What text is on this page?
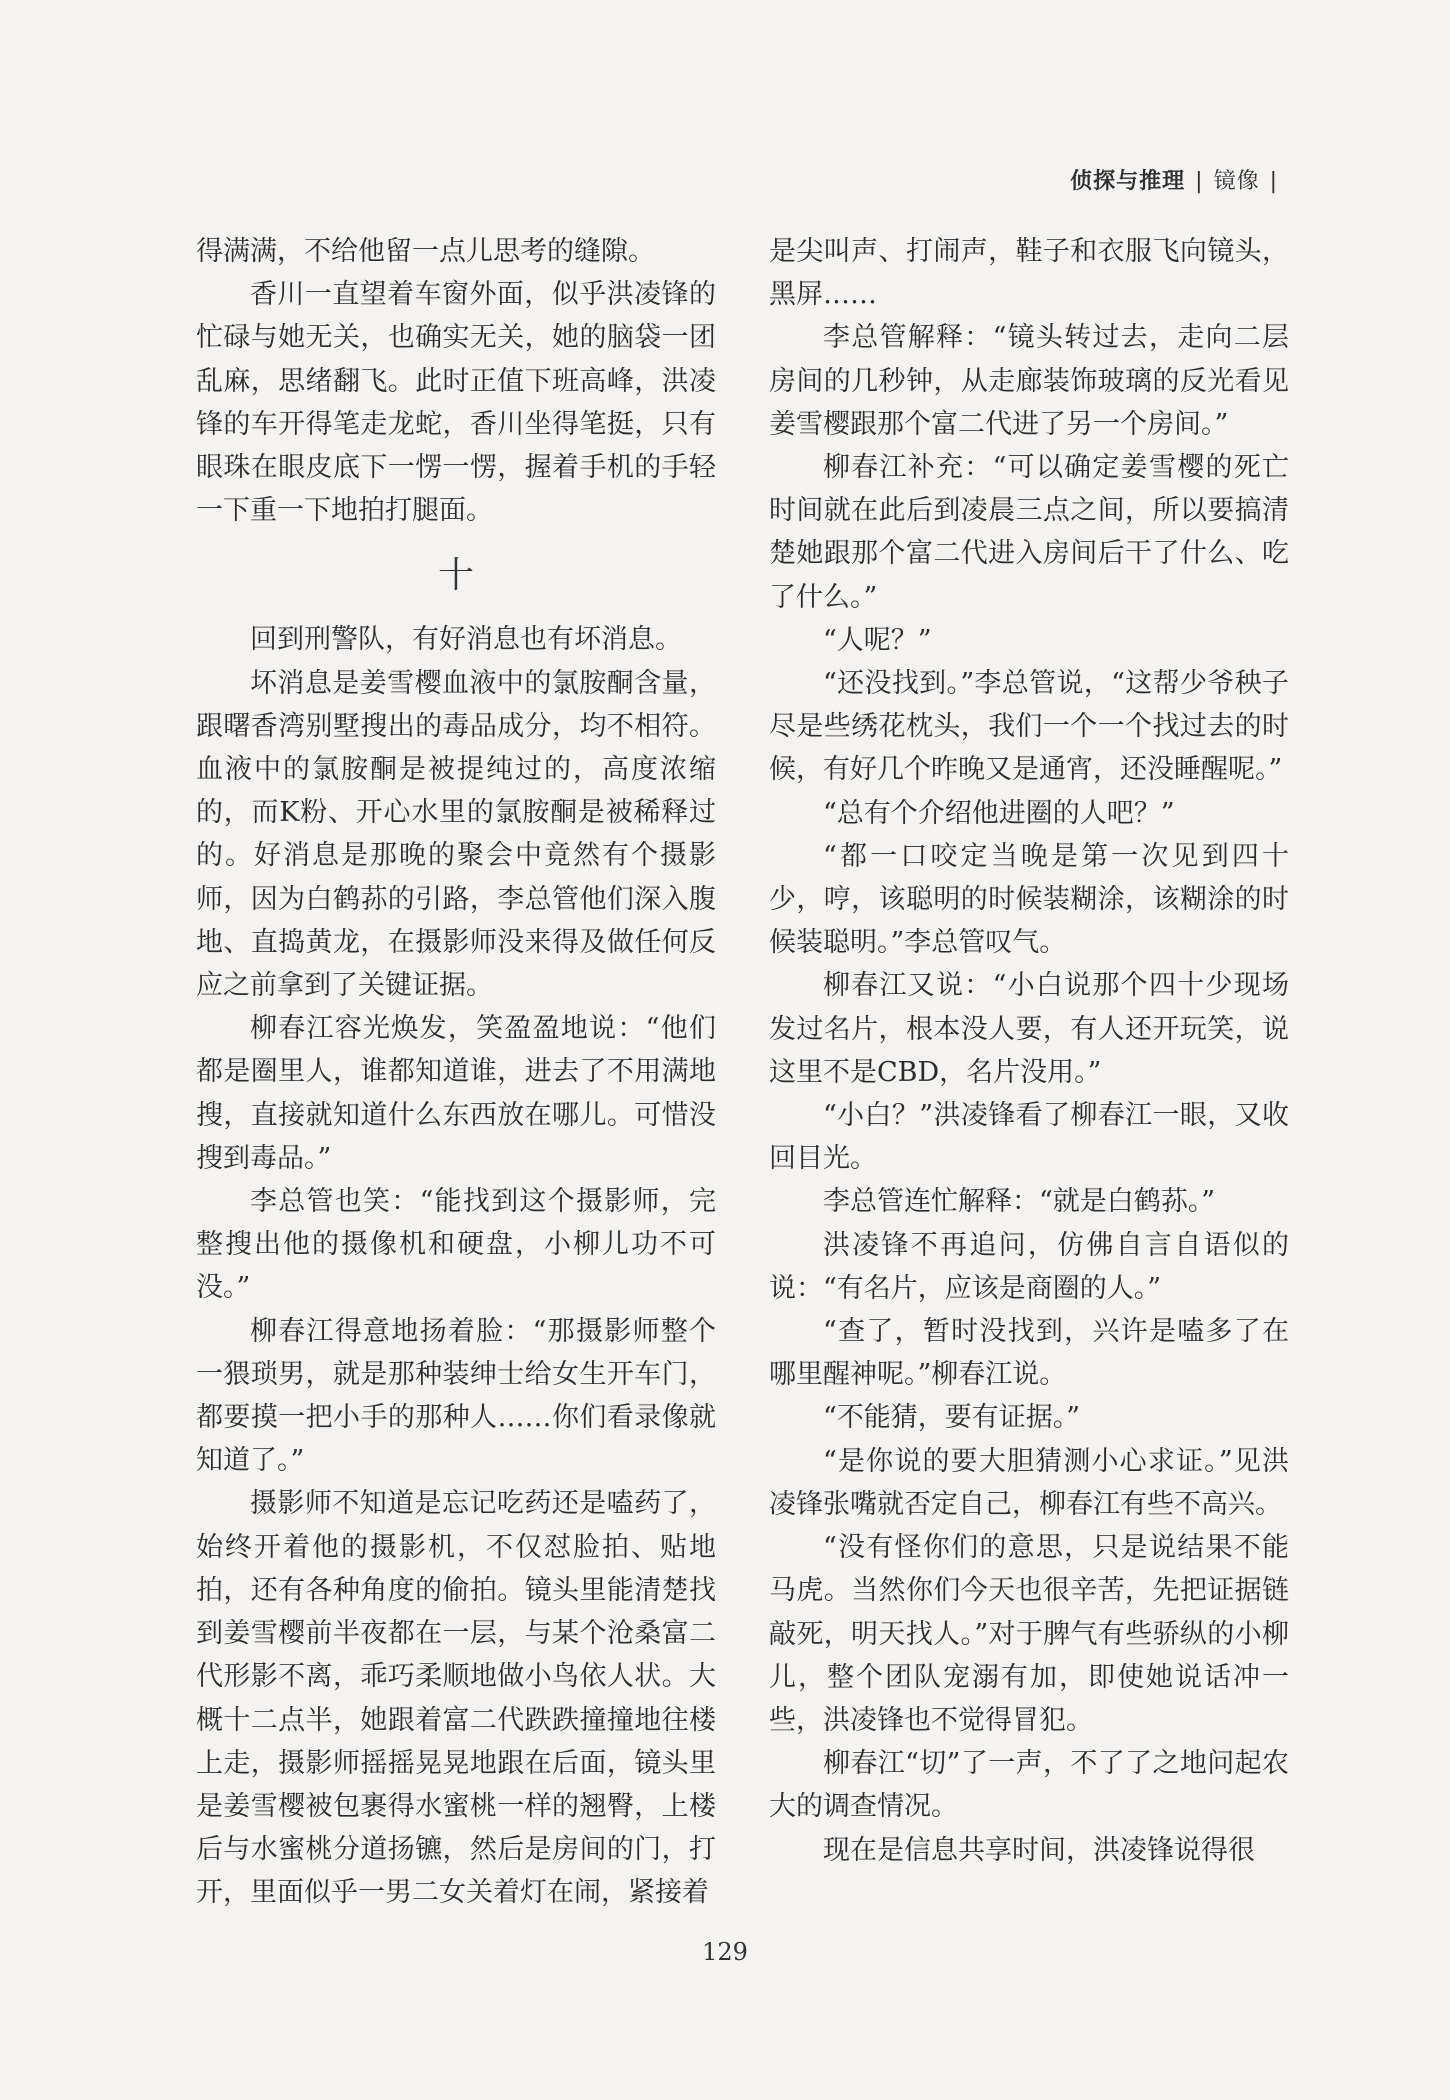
侦探与推理 | 镜像 |

得满满，不给他留一点儿思考的缝隙。

香川一直望着车窗外面，似乎洪凌锋的忙碌与她无关，也确实无关，她的脑袋一团乱麻，思绪翻飞。此时正值下班高峰，洪凌锋的车开得笔走龙蛇，香川坐得笔挺，只有眼珠在眼皮底下一愣一愣，握着手机的手轻一下重一下地拍打腿面。

十

回到刑警队，有好消息也有坏消息。

坏消息是姜雪樱血液中的氯胺酮含量，跟曙香湾别墅搜出的毒品成分，均不相符。血液中的氯胺酮是被提纯过的，高度浓缩的，而K粉、开心水里的氯胺酮是被稀释过的。好消息是那晚的聚会中竟然有个摄影师，因为白鹤荪的引路，李总管他们深入腹地、直捣黄龙，在摄影师没来得及做任何反应之前拿到了关键证据。

柳春江容光焕发，笑盈盈地说：“他们都是圈里人，谁都知道谁，进去了不用满地搜，直接就知道什么东西放在哪儿。可惜没搜到毒品。”

李总管也笑：“能找到这个摄影师，完整搜出他的摄像机和硬盘，小柳儿功不可没。”

柳春江得意地扬着脸：“那摄影师整个一猥琐男，就是那种装绅士给女生开车门，都要摸一把小手的那种人……你们看录像就知道了。”

摄影师不知道是忘记吃药还是嗑药了，始终开着他的摄影机，不仅怼脸拍、贴地拍，还有各种角度的偷拍。镜头里能清楚找到姜雪樱前半夜都在一层，与某个沧桑富二代形影不离，乖巧柔顺地做小鸟依人状。大概十二点半，她跟着富二代跌跌撞撞地往楼上走，摄影师摇摇晃晃地跟在后面，镜头里是姜雪樱被包裹得水蜜桃一样的翘臀，上楼后与水蜜桃分道扬镳，然后是房间的门，打开，里面似乎一男二女关着灯在闹，紧接着

是尖叫声、打闹声，鞋子和衣服飞向镜头，黑屏……

李总管解释：“镜头转过去，走向二层房间的几秒钟，从走廊装饰玻璃的反光看见姜雪樱跟那个富二代进了另一个房间。”

柳春江补充：“可以确定姜雪樱的死亡时间就在此后到凌晨三点之间，所以要搞清楚她跟那个富二代进入房间后干了什么、吃了什么。”

“人呢？”

“还没找到。”李总管说，“这帮少爷秧子尽是些绣花枕头，我们一个一个找过去的时候，有好几个昨晚又是通宵，还没睡醒呢。”

“总有个介绍他进圈的人吧？”

“都一口咬定当晚是第一次见到四十少，哼，该聪明的时候装糊涂，该糊涂的时候装聪明。”李总管叹气。

柳春江又说：“小白说那个四十少现场发过名片，根本没人要，有人还开玩笑，说这里不是CBD，名片没用。”

“小白？”洪凌锋看了柳春江一眼，又收回目光。

李总管连忙解释：“就是白鹤荪。”

洪凌锋不再追问，仿佛自言自语似的说：“有名片，应该是商圈的人。”

“查了，暂时没找到，兴许是嗑多了在哪里醒神呢。”柳春江说。

“不能猜，要有证据。”

“是你说的要大胆猜测小心求证。”见洪凌锋张嘴就否定自己，柳春江有些不高兴。

“没有怪你们的意思，只是说结果不能马虎。当然你们今天也很辛苦，先把证据链敲死，明天找人。”对于脾气有些骄纵的小柳儿，整个团队宠溺有加，即使她说话冲一些，洪凌锋也不觉得冒犯。

柳春江“切”了一声，不了了之地问起农大的调查情况。

现在是信息共享时间，洪凌锋说得很

129
